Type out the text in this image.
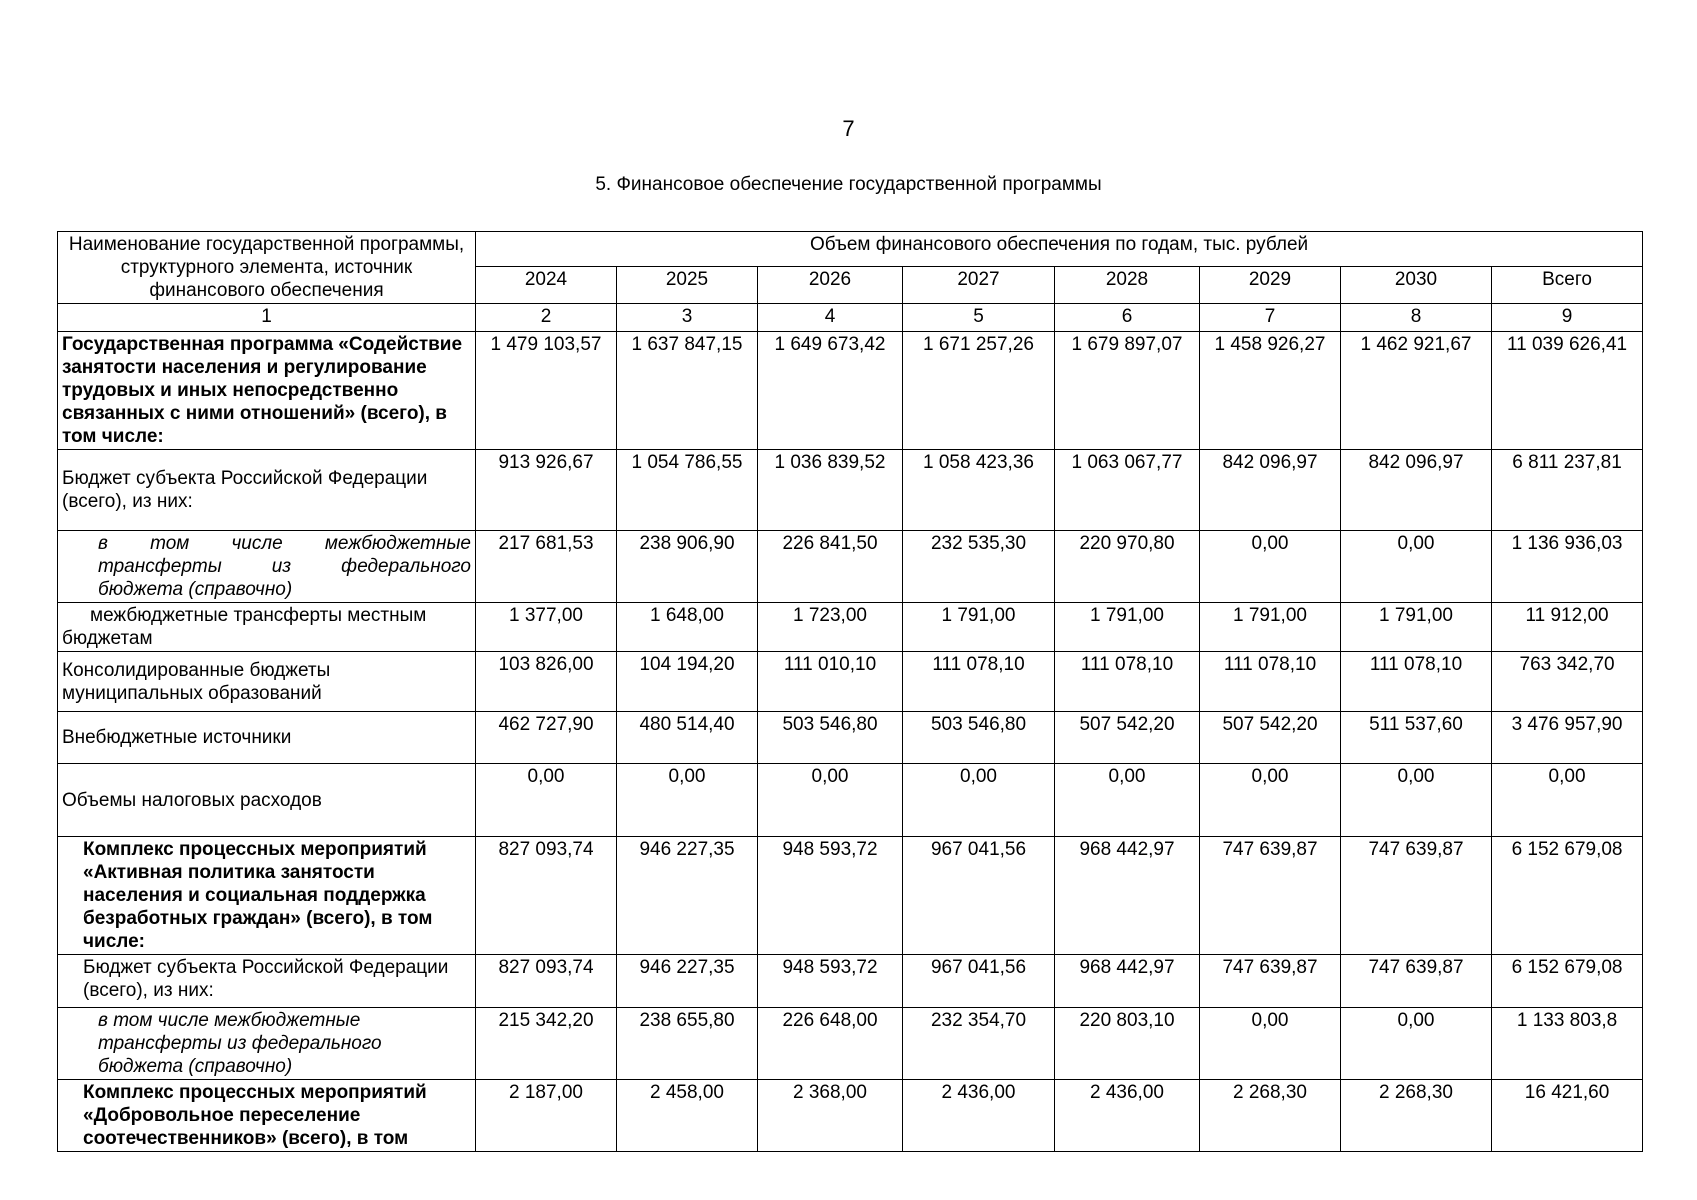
7
5. Финансовое обеспечение государственной программы
Наименование государственной программы, структурного элемента, источник финансового обеспечения	Объем финансового обеспечения по годам, тыс. рублей							
	2024	2025	2026	2027	2028	2029	2030	Всего
1	2	3	4	5	6	7	8	9
Государственная программа «Содействие занятости населения и регулирование трудовых и иных непосредственно связанных с ними отношений» (всего), в том числе:	1 479 103,57	1 637 847,15	1 649 673,42	1 671 257,26	1 679 897,07	1 458 926,27	1 462 921,67	11 039 626,41
Бюджет субъекта Российской Федерации (всего), из них:	913 926,67	1 054 786,55	1 036 839,52	1 058 423,36	1 063 067,77	842 096,97	842 096,97	6 811 237,81
в том числе межбюджетные трансферты из федерального бюджета (справочно)	217 681,53	238 906,90	226 841,50	232 535,30	220 970,80	0,00	0,00	1 136 936,03
межбюджетные трансферты местным бюджетам	1 377,00	1 648,00	1 723,00	1 791,00	1 791,00	1 791,00	1 791,00	11 912,00
Консолидированные бюджеты муниципальных образований	103 826,00	104 194,20	111 010,10	111 078,10	111 078,10	111 078,10	111 078,10	763 342,70
Внебюджетные источники	462 727,90	480 514,40	503 546,80	503 546,80	507 542,20	507 542,20	511 537,60	3 476 957,90
Объемы налоговых расходов	0,00	0,00	0,00	0,00	0,00	0,00	0,00	0,00
Комплекс процессных мероприятий «Активная политика занятости населения и социальная поддержка безработных граждан» (всего), в том числе:	827 093,74	946 227,35	948 593,72	967 041,56	968 442,97	747 639,87	747 639,87	6 152 679,08
Бюджет субъекта Российской Федерации (всего), из них:	827 093,74	946 227,35	948 593,72	967 041,56	968 442,97	747 639,87	747 639,87	6 152 679,08
в том числе межбюджетные трансферты из федерального бюджета (справочно)	215 342,20	238 655,80	226 648,00	232 354,70	220 803,10	0,00	0,00	1 133 803,8
Комплекс процессных мероприятий «Добровольное переселение соотечественников» (всего), в том	2 187,00	2 458,00	2 368,00	2 436,00	2 436,00	2 268,30	2 268,30	16 421,60
